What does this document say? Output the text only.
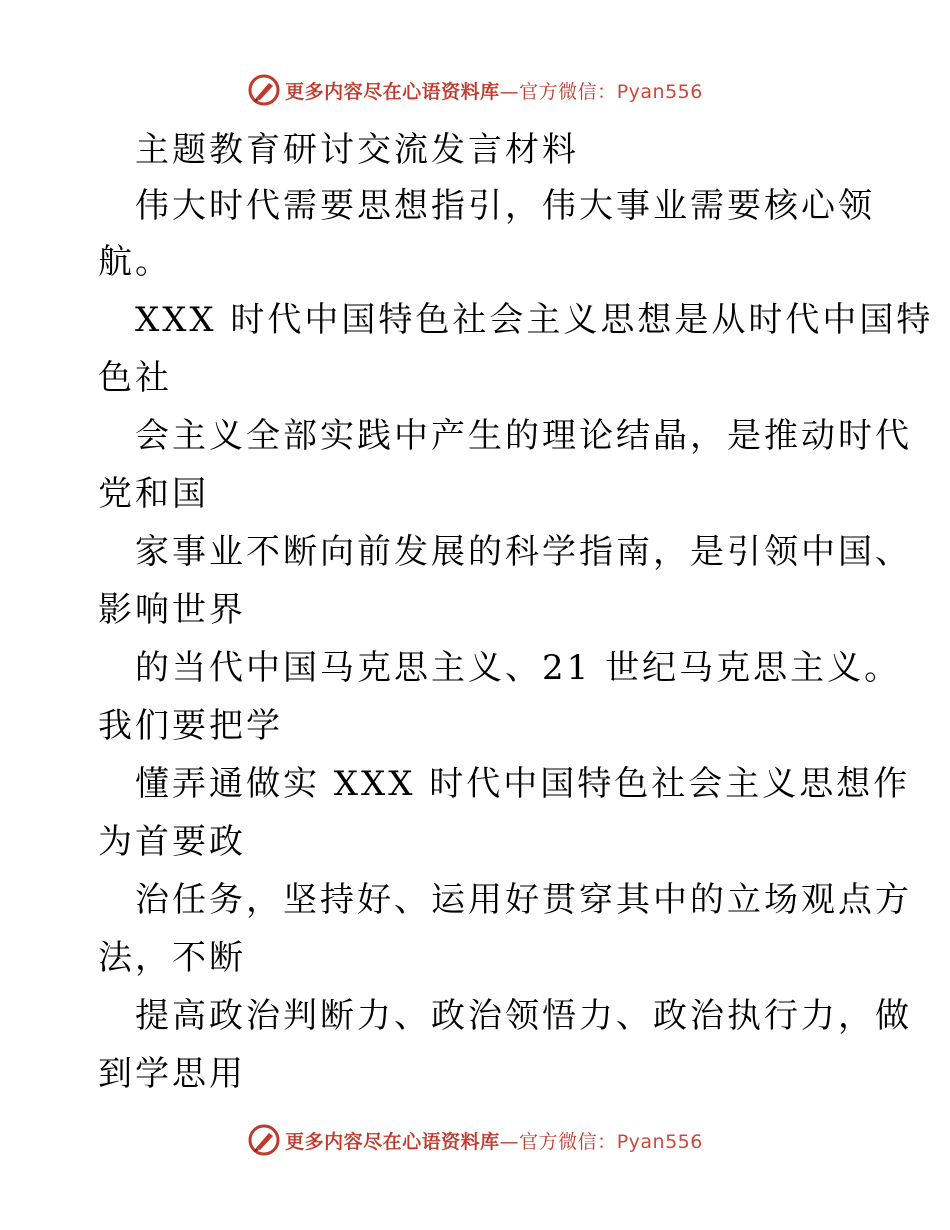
更多内容尽在心语资料库—官方微信：Pyan556
主题教育研讨交流发言材料
伟大时代需要思想指引，伟大事业需要核心领
航。
XXX 时代中国特色社会主义思想是从时代中国特
色社
会主义全部实践中产生的理论结晶，是推动时代
党和国
家事业不断向前发展的科学指南，是引领中国、
影响世界
的当代中国马克思主义、21 世纪马克思主义。
我们要把学
懂弄通做实 XXX 时代中国特色社会主义思想作
为首要政
治任务，坚持好、运用好贯穿其中的立场观点方
法，不断
提高政治判断力、政治领悟力、政治执行力，做
到学思用
更多内容尽在心语资料库—官方微信：Pyan556
